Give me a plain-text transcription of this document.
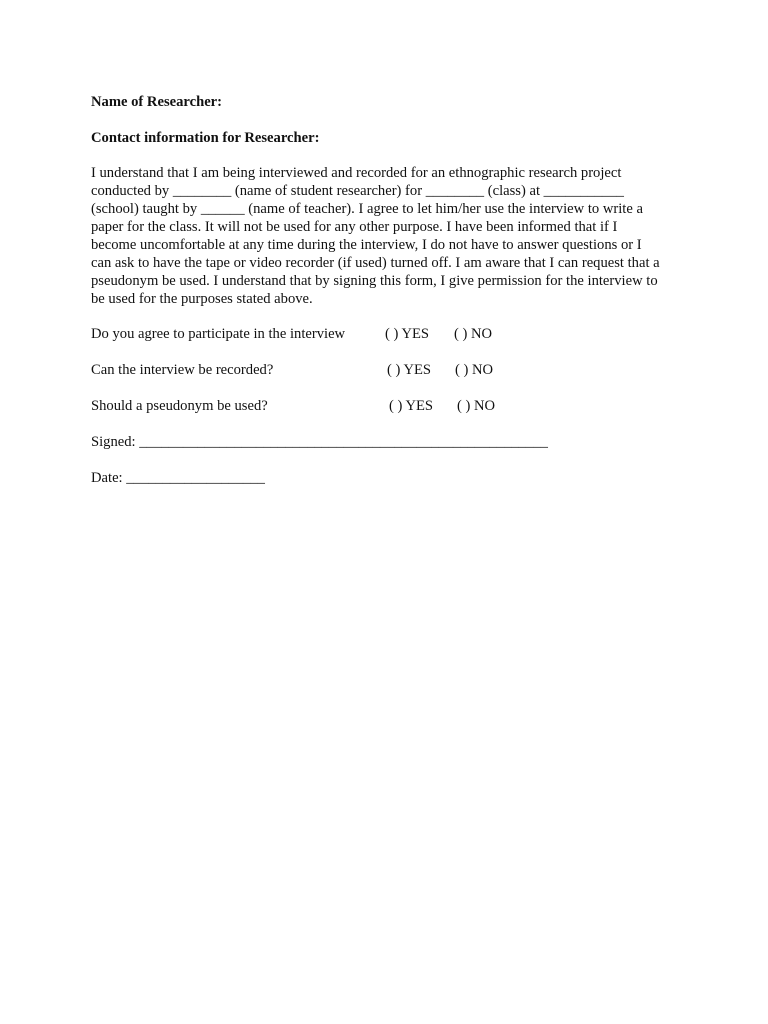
Name of Researcher:
Contact information for Researcher:
I understand that I am being interviewed and recorded for an ethnographic research project
conducted by ________ (name of student researcher) for ________ (class) at ___________
(school) taught by ______ (name of teacher). I agree to let him/her use the interview to write a
paper for the class. It will not be used for any other purpose. I have been informed that if I
become uncomfortable at any time during the interview, I do not have to answer questions or I
can ask to have the tape or video recorder (if used) turned off. I am aware that I can request that a
pseudonym be used. I understand that by signing this form, I give permission for the interview to
be used for the purposes stated above.
Do you agree to participate in the interview	( ) YES ( ) NO
Can the interview be recorded?	( ) YES ( ) NO
Should a pseudonym be used?	( ) YES ( ) NO
Signed: ________________________________________________________
Date: ___________________
